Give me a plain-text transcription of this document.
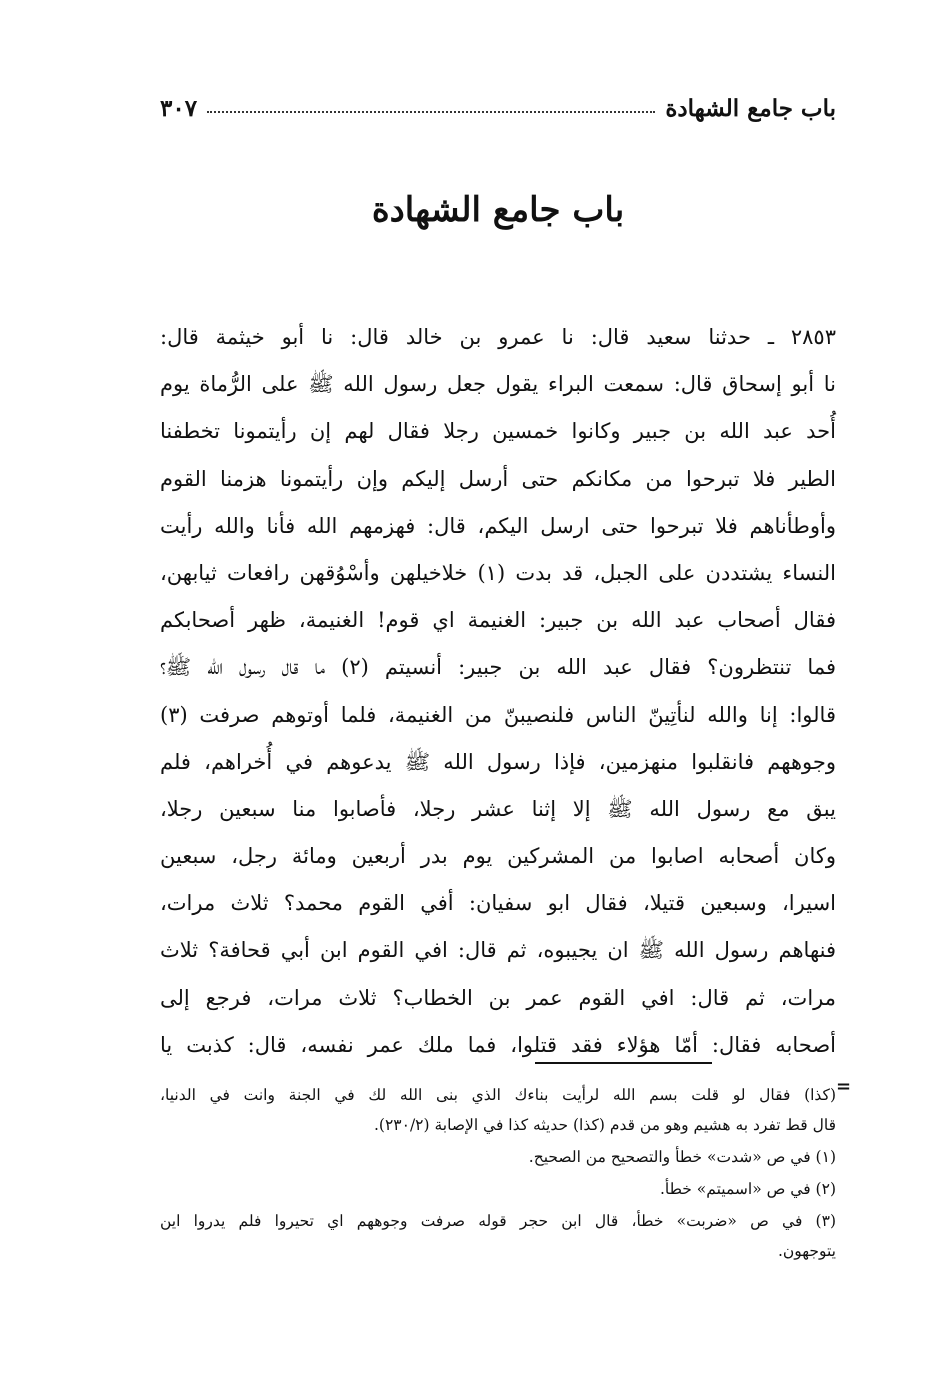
باب جامع الشهادة
٣٠٧
باب جامع الشهادة
٢٨٥٣ ـ حدثنا سعيد قال: نا عمرو بن خالد قال: نا أبو خيثمة قال:
نا أبو إسحاق قال: سمعت البراء يقول جعل رسول الله ﷺ على الرُّماة يوم
أُحد عبد الله بن جبير وكانوا خمسين رجلا فقال لهم إن رأيتمونا تخطفنا
الطير فلا تبرحوا من مكانكم حتى أرسل إليكم وإن رأيتمونا هزمنا القوم
وأوطأناهم فلا تبرحوا حتى ارسل اليكم، قال: فهزمهم الله فأنا والله رأيت
النساء يشتددن على الجبل، قد بدت (١) خلاخيلهن وأسْوُقهن رافعات ثيابهن،
فقال أصحاب عبد الله بن جبير: الغنيمة اي قوم! الغنيمة، ظهر أصحابكم
فما تنتظرون؟ فقال عبد الله بن جبير: أنسيتم (٢) ما قال رسول الله ﷺ؟
قالوا: إنا والله لنأتِينّ الناس فلنصيبنّ من الغنيمة، فلما أوتوهم صرفت (٣)
وجوههم فانقلبوا منهزمين، فإذا رسول الله ﷺ يدعوهم في أُخراهم، فلم
يبق مع رسول الله ﷺ إلا إثنا عشر رجلا، فأصابوا منا سبعين رجلا،
وكان أصحابه اصابوا من المشركين يوم بدر أربعين ومائة رجل، سبعين
اسيرا، وسبعين قتيلا، فقال ابو سفيان: أفي القوم محمد؟ ثلاث مرات،
فنهاهم رسول الله ﷺ ان يجيبوه، ثم قال: افي القوم ابن أبي قحافة؟ ثلاث
مرات، ثم قال: افي القوم عمر بن الخطاب؟ ثلاث مرات، فرجع إلى
أصحابه فقال: أمّا هؤلاء فقد قتلوا، فما ملك عمر نفسه، قال: كذبت يا
=
(كذا) فقال لو قلت بسم الله لرأيت بناءك الذي بنى الله لك في الجنة وانت في الدنيا،
قال قط تفرد به هشيم وهو من قدم (كذا) حديثه كذا في الإصابة (٢٣٠/٢).
(١) في ص «شدت» خطأ والتصحيح من الصحيح.
(٢) في ص «اسميتم» خطأ.
(٣) في ص «ضربت» خطأ، قال ابن حجر قوله صرفت وجوههم اي تحيروا فلم يدروا اين
يتوجهون.
